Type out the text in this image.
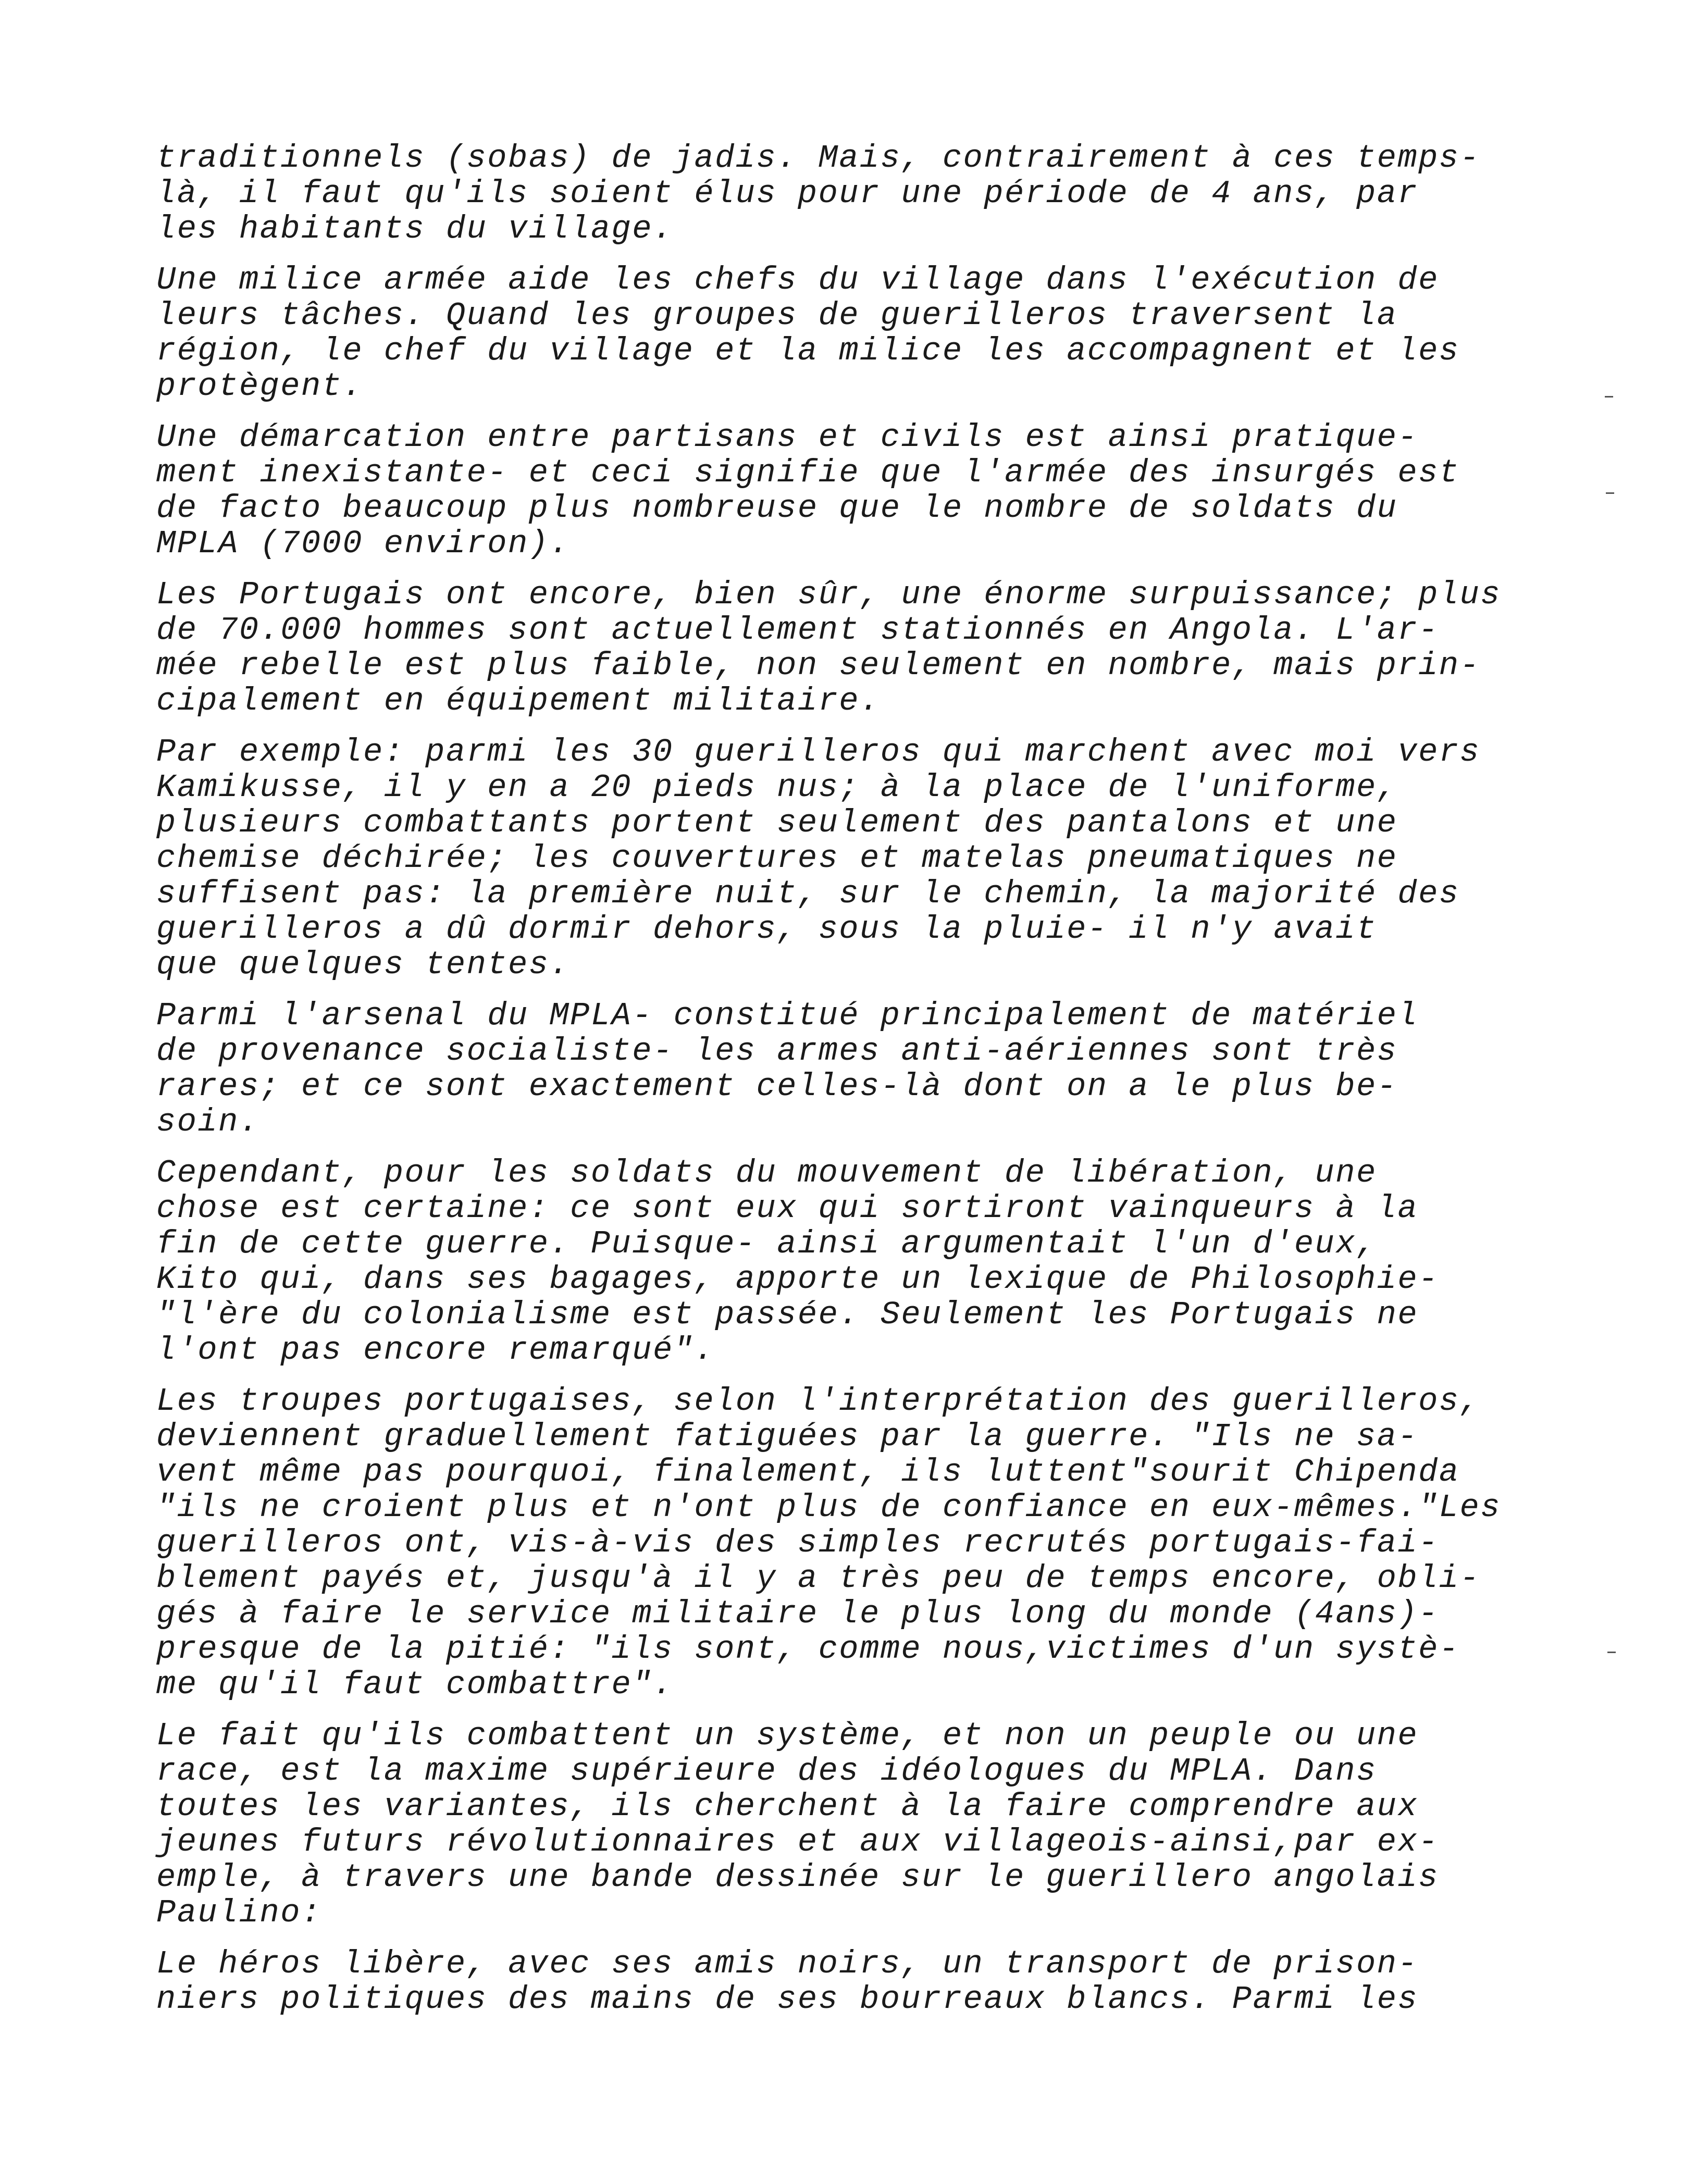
traditionnels (sobas) de jadis. Mais, contrairement à ces temps-
là, il faut qu'ils soient élus pour une période de 4 ans, par
les habitants du village.
Une milice armée aide les chefs du village dans l'exécution de
leurs tâches. Quand les groupes de guerilleros traversent la
région, le chef du village et la milice les accompagnent et les
protègent.
Une démarcation entre partisans et civils est ainsi pratique-
ment inexistante- et ceci signifie que l'armée des insurgés est
de facto beaucoup plus nombreuse que le nombre de soldats du
MPLA (7000 environ).
Les Portugais ont encore, bien sûr, une énorme surpuissance; plus
de 70.000 hommes sont actuellement stationnés en Angola. L'ar-
mée rebelle est plus faible, non seulement en nombre, mais prin-
cipalement en équipement militaire.
Par exemple: parmi les 30 guerilleros qui marchent avec moi vers
Kamikusse, il y en a 20 pieds nus; à la place de l'uniforme,
plusieurs combattants portent seulement des pantalons et une
chemise déchirée; les couvertures et matelas pneumatiques ne
suffisent pas: la première nuit, sur le chemin, la majorité des
guerilleros a dû dormir dehors, sous la pluie- il n'y avait
que quelques tentes.
Parmi l'arsenal du MPLA- constitué principalement de matériel
de provenance socialiste- les armes anti-aériennes sont très
rares; et ce sont exactement celles-là dont on a le plus be-
soin.
Cependant, pour les soldats du mouvement de libération, une
chose est certaine: ce sont eux qui sortiront vainqueurs à la
fin de cette guerre. Puisque- ainsi argumentait l'un d'eux,
Kito qui, dans ses bagages, apporte un lexique de Philosophie-
"l'ère du colonialisme est passée. Seulement les Portugais ne
l'ont pas encore remarqué".
Les troupes portugaises, selon l'interprétation des guerilleros,
deviennent graduellement fatiguées par la guerre. "Ils ne sa-
vent même pas pourquoi, finalement, ils luttent"sourit Chipenda
"ils ne croient plus et n'ont plus de confiance en eux-mêmes."Les
guerilleros ont, vis-à-vis des simples recrutés portugais-fai-
blement payés et, jusqu'à il y a très peu de temps encore, obli-
gés à faire le service militaire le plus long du monde (4ans)-
presque de la pitié: "ils sont, comme nous,victimes d'un systè-
me qu'il faut combattre".
Le fait qu'ils combattent un système, et non un peuple ou une
race, est la maxime supérieure des idéologues du MPLA. Dans
toutes les variantes, ils cherchent à la faire comprendre aux
jeunes futurs révolutionnaires et aux villageois-ainsi,par ex-
emple, à travers une bande dessinée sur le guerillero angolais
Paulino:
Le héros libère, avec ses amis noirs, un transport de prison-
niers politiques des mains de ses bourreaux blancs. Parmi les
